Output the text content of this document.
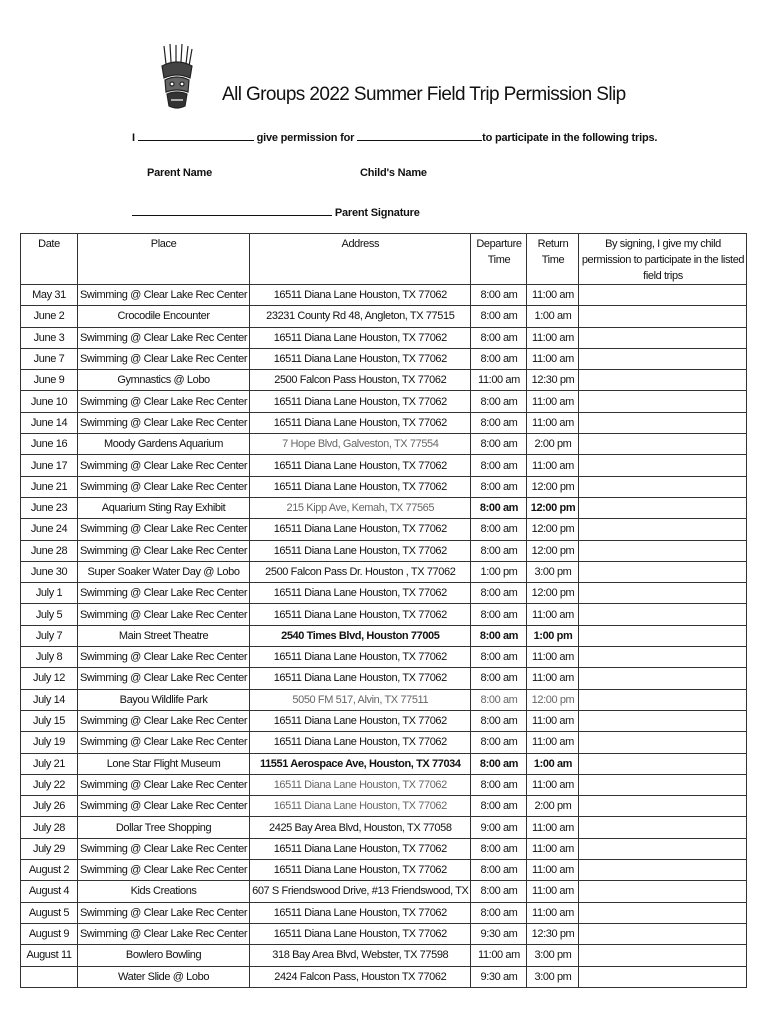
All Groups 2022 Summer Field Trip Permission Slip
I	give permission for	to participate in the following trips.
Parent Name	Child's Name
Parent Signature
Date	Place	Address	Departure Time	Return Time	By signing, I give my child permission to participate in the listed field trips
May 31	Swimming @ Clear Lake Rec Center	16511 Diana Lane Houston, TX 77062	8:00 am	11:00 am	
June 2	Crocodile Encounter	23231 County Rd 48, Angleton, TX 77515	8:00 am	1:00 am	
June 3	Swimming @ Clear Lake Rec Center	16511 Diana Lane Houston, TX 77062	8:00 am	11:00 am	
June 7	Swimming @ Clear Lake Rec Center	16511 Diana Lane Houston, TX 77062	8:00 am	11:00 am	
June 9	Gymnastics @ Lobo	2500 Falcon Pass Houston, TX 77062	11:00 am	12:30 pm	
June 10	Swimming @ Clear Lake Rec Center	16511 Diana Lane Houston, TX 77062	8:00 am	11:00 am	
June 14	Swimming @ Clear Lake Rec Center	16511 Diana Lane Houston, TX 77062	8:00 am	11:00 am	
June 16	Moody Gardens Aquarium	7 Hope Blvd, Galveston, TX 77554	8:00 am	2:00 pm	
June 17	Swimming @ Clear Lake Rec Center	16511 Diana Lane Houston, TX 77062	8:00 am	11:00 am	
June 21	Swimming @ Clear Lake Rec Center	16511 Diana Lane Houston, TX 77062	8:00 am	12:00 pm	
June 23	Aquarium Sting Ray Exhibit	215 Kipp Ave, Kemah, TX 77565	8:00 am	12:00 pm	
June 24	Swimming @ Clear Lake Rec Center	16511 Diana Lane Houston, TX 77062	8:00 am	12:00 pm	
June 28	Swimming @ Clear Lake Rec Center	16511 Diana Lane Houston, TX 77062	8:00 am	12:00 pm	
June 30	Super Soaker Water Day @ Lobo	2500 Falcon Pass Dr. Houston , TX 77062	1:00 pm	3:00 pm	
July 1	Swimming @ Clear Lake Rec Center	16511 Diana Lane Houston, TX 77062	8:00 am	12:00 pm	
July 5	Swimming @ Clear Lake Rec Center	16511 Diana Lane Houston, TX 77062	8:00 am	11:00 am	
July 7	Main Street Theatre	2540 Times Blvd, Houston 77005	8:00 am	1:00 pm	
July 8	Swimming @ Clear Lake Rec Center	16511 Diana Lane Houston, TX 77062	8:00 am	11:00 am	
July 12	Swimming @ Clear Lake Rec Center	16511 Diana Lane Houston, TX 77062	8:00 am	11:00 am	
July 14	Bayou Wildlife Park	5050 FM 517, Alvin, TX 77511	8:00 am	12:00 pm	
July 15	Swimming @ Clear Lake Rec Center	16511 Diana Lane Houston, TX 77062	8:00 am	11:00 am	
July 19	Swimming @ Clear Lake Rec Center	16511 Diana Lane Houston, TX 77062	8:00 am	11:00 am	
July 21	Lone Star Flight Museum	11551 Aerospace Ave, Houston, TX 77034	8:00 am	1:00 am	
July 22	Swimming @ Clear Lake Rec Center	16511 Diana Lane Houston, TX 77062	8:00 am	11:00 am	
July 26	Swimming @ Clear Lake Rec Center	16511 Diana Lane Houston, TX 77062	8:00 am	2:00 pm	
July 28	Dollar Tree Shopping	2425 Bay Area Blvd, Houston, TX 77058	9:00 am	11:00 am	
July 29	Swimming @ Clear Lake Rec Center	16511 Diana Lane Houston, TX 77062	8:00 am	11:00 am	
August 2	Swimming @ Clear Lake Rec Center	16511 Diana Lane Houston, TX 77062	8:00 am	11:00 am	
August 4	Kids Creations	607 S Friendswood Drive, #13 Friendswood, TX	8:00 am	11:00 am	
August 5	Swimming @ Clear Lake Rec Center	16511 Diana Lane Houston, TX 77062	8:00 am	11:00 am	
August 9	Swimming @ Clear Lake Rec Center	16511 Diana Lane Houston, TX 77062	9:30 am	12:30 pm	
August 11	Bowlero Bowling	318 Bay Area Blvd, Webster, TX 77598	11:00 am	3:00 pm	
	Water Slide @ Lobo	2424 Falcon Pass, Houston TX 77062	9:30 am	3:00 pm	
